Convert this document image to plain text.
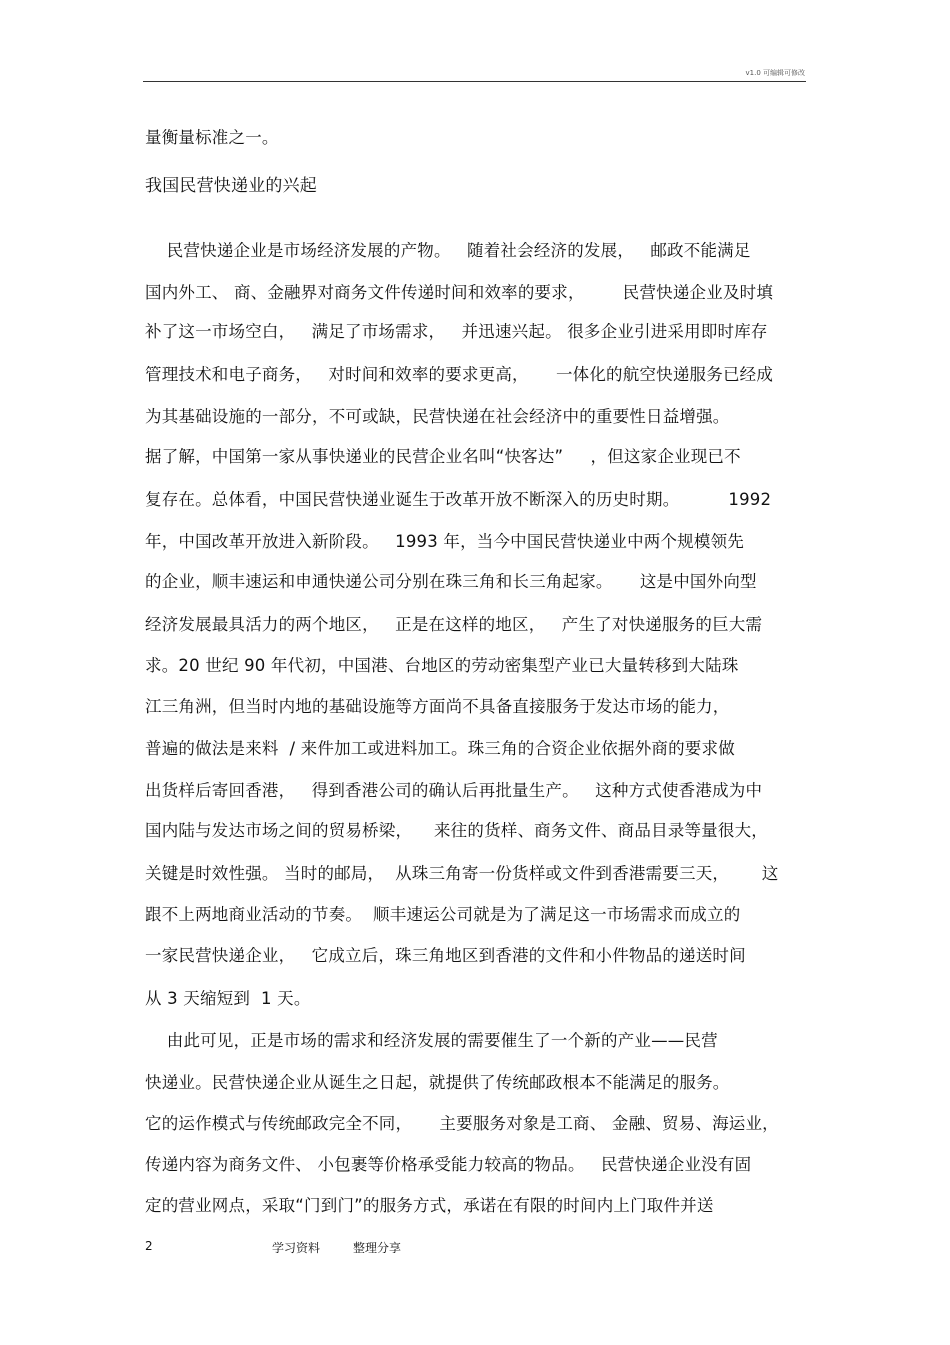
v1.0 可编辑可修改
量衡量标准之一。
我国民营快递业的兴起
民营快递企业是市场经济发展的产物。   随着社会经济的发展，   邮政不能满足
国内外工、 商、金融界对商务文件传递时间和效率的要求，       民营快递企业及时填
补了这一市场空白，   满足了市场需求，   并迅速兴起。 很多企业引进采用即时库存
管理技术和电子商务，   对时间和效率的要求更高，     一体化的航空快递服务已经成
为其基础设施的一部分，不可或缺，民营快递在社会经济中的重要性日益增强。
据了解，中国第一家从事快递业的民营企业名叫“快客达”     ，但这家企业现已不
复存在。总体看，中国民营快递业诞生于改革开放不断深入的历史时期。         1992
年，中国改革开放进入新阶段。   1993 年，当今中国民营快递业中两个规模领先
的企业，顺丰速运和申通快递公司分别在珠三角和长三角起家。     这是中国外向型
经济发展最具活力的两个地区，   正是在这样的地区，   产生了对快递服务的巨大需
求。20 世纪 90 年代初，中国港、台地区的劳动密集型产业已大量转移到大陆珠
江三角洲，但当时内地的基础设施等方面尚不具备直接服务于发达市场的能力，
普遍的做法是来料  / 来件加工或进料加工。珠三角的合资企业依据外商的要求做
出货样后寄回香港，   得到香港公司的确认后再批量生产。   这种方式使香港成为中
国内陆与发达市场之间的贸易桥梁，    来往的货样、商务文件、商品目录等量很大，
关键是时效性强。 当时的邮局，  从珠三角寄一份货样或文件到香港需要三天，      这
跟不上两地商业活动的节奏。  顺丰速运公司就是为了满足这一市场需求而成立的
一家民营快递企业，   它成立后，珠三角地区到香港的文件和小件物品的递送时间
从 3 天缩短到  1 天。
由此可见，正是市场的需求和经济发展的需要催生了一个新的产业——民营
快递业。民营快递企业从诞生之日起，就提供了传统邮政根本不能满足的服务。
它的运作模式与传统邮政完全不同，     主要服务对象是工商、 金融、贸易、海运业，
传递内容为商务文件、 小包裹等价格承受能力较高的物品。   民营快递企业没有固
定的营业网点，采取“门到门”的服务方式，承诺在有限的时间内上门取件并送
2	学习资料	整理分享
